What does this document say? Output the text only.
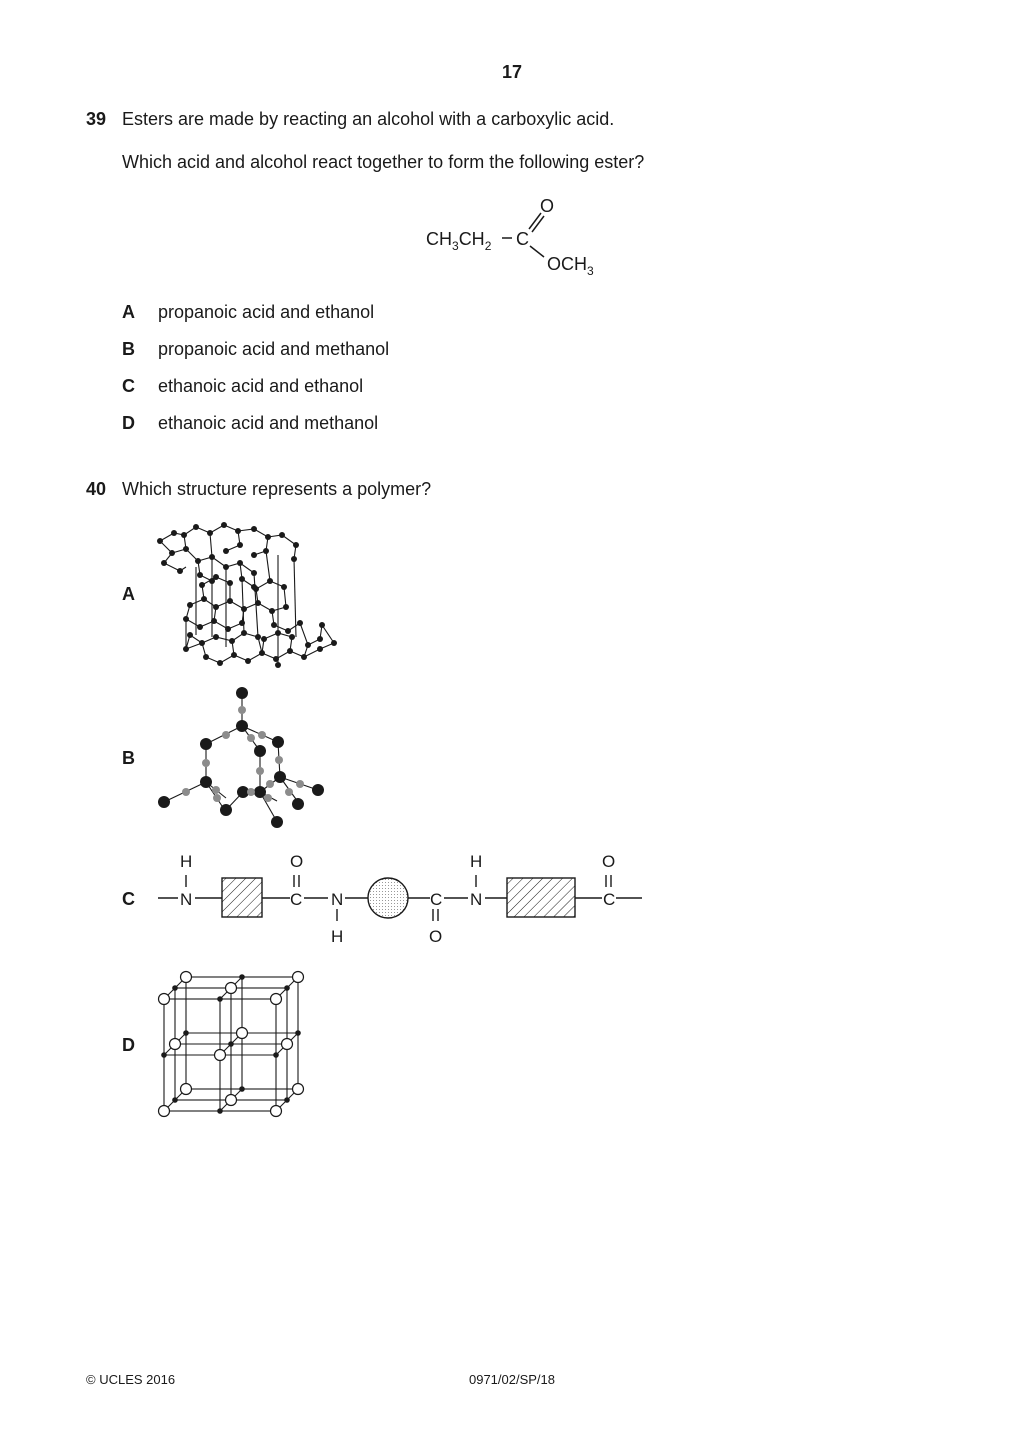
17
39 Esters are made by reacting an alcohol with a carboxylic acid.
Which acid and alcohol react together to form the following ester?
$CH_3CH_2$ C
O
$OCH_3$
A propanoic acid and ethanol
B propanoic acid and methanol
C ethanoic acid and ethanol
D ethanoic acid and methanol
40 Which structure represents a polymer?
A
B
C
D
H
N
O
C N
H
C
O
H
N
O
C
© UCLES 2016	0971/02/SP/18
